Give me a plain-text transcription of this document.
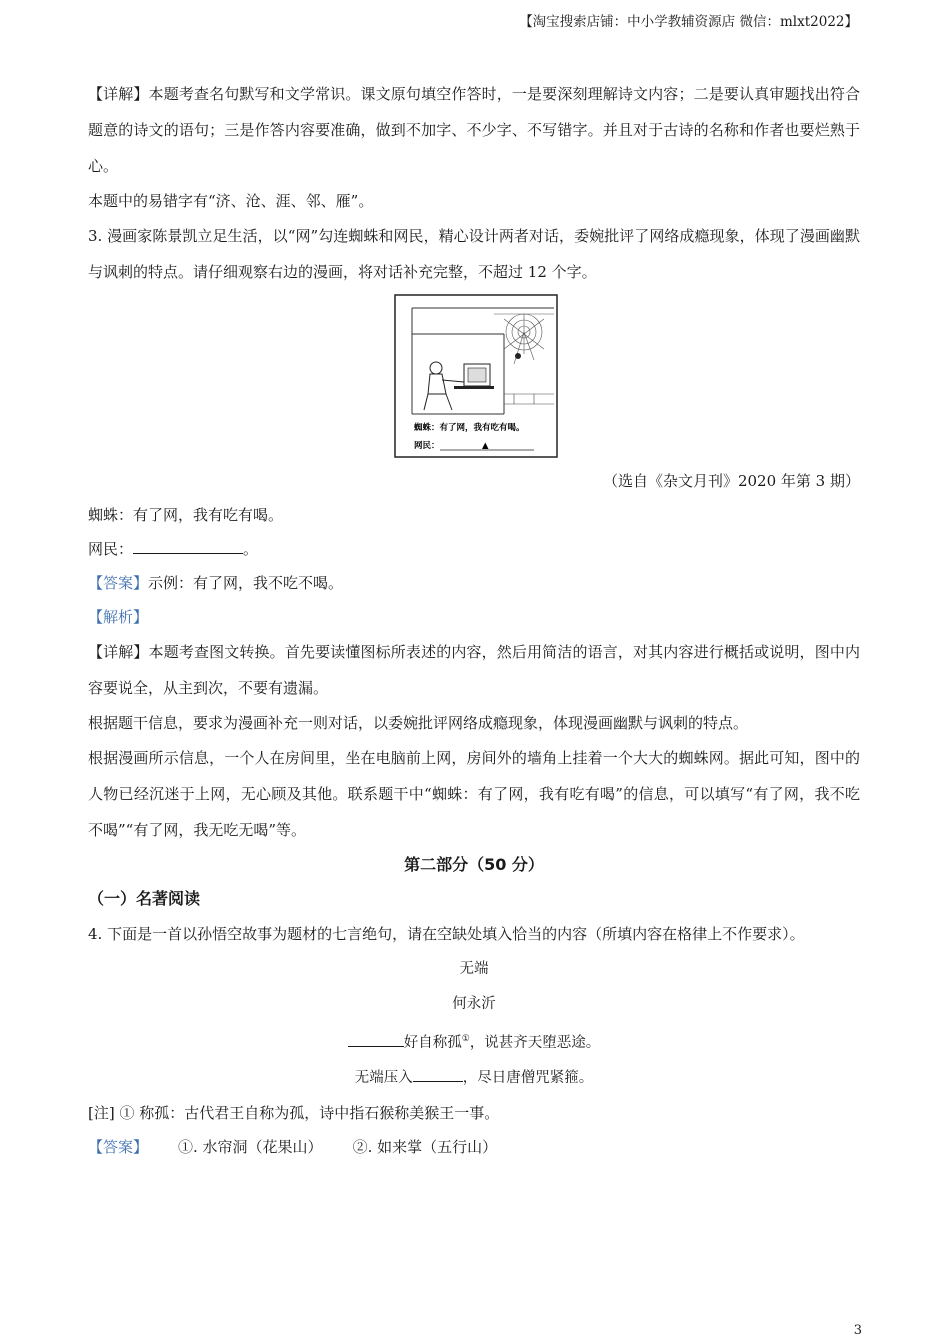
【淘宝搜索店铺：中小学教辅资源店 微信：mlxt2022】
【详解】本题考查名句默写和文学常识。课文原句填空作答时，一是要深刻理解诗文内容；二是要认真审题找出符合题意的诗文的语句；三是作答内容要准确，做到不加字、不少字、不写错字。并且对于古诗的名称和作者也要烂熟于心。
本题中的易错字有“济、沧、涯、邻、雁”。
3. 漫画家陈景凯立足生活，以“网”勾连蜘蛛和网民，精心设计两者对话，委婉批评了网络成瘾现象，体现了漫画幽默与讽刺的特点。请仔细观察右边的漫画，将对话补充完整，不超过 12 个字。
蜘蛛：有了网，我有吃有喝。
网民：	▲
（选自《杂文月刊》2020 年第 3 期）
蜘蛛：有了网，我有吃有喝。
网民：	。
【答案】示例：有了网，我不吃不喝。
【解析】
【详解】本题考查图文转换。首先要读懂图标所表述的内容，然后用简洁的语言，对其内容进行概括或说明，图中内容要说全，从主到次，不要有遗漏。
根据题干信息，要求为漫画补充一则对话，以委婉批评网络成瘾现象，体现漫画幽默与讽刺的特点。
根据漫画所示信息，一个人在房间里，坐在电脑前上网，房间外的墙角上挂着一个大大的蜘蛛网。据此可知，图中的人物已经沉迷于上网，无心顾及其他。联系题干中“蜘蛛：有了网，我有吃有喝”的信息，可以填写“有了网，我不吃不喝”“有了网，我无吃无喝”等。
第二部分（50 分）
（一）名著阅读
4. 下面是一首以孙悟空故事为题材的七言绝句，请在空缺处填入恰当的内容（所填内容在格律上不作要求）。
无端
何永沂
好自称孤①，说甚齐天堕恶途。
无端压入	，尽日唐僧咒紧箍。
[注] ① 称孤：古代君王自称为孤，诗中指石猴称美猴王一事。
【答案】 ①. 水帘洞（花果山） ②. 如来掌（五行山）
3
